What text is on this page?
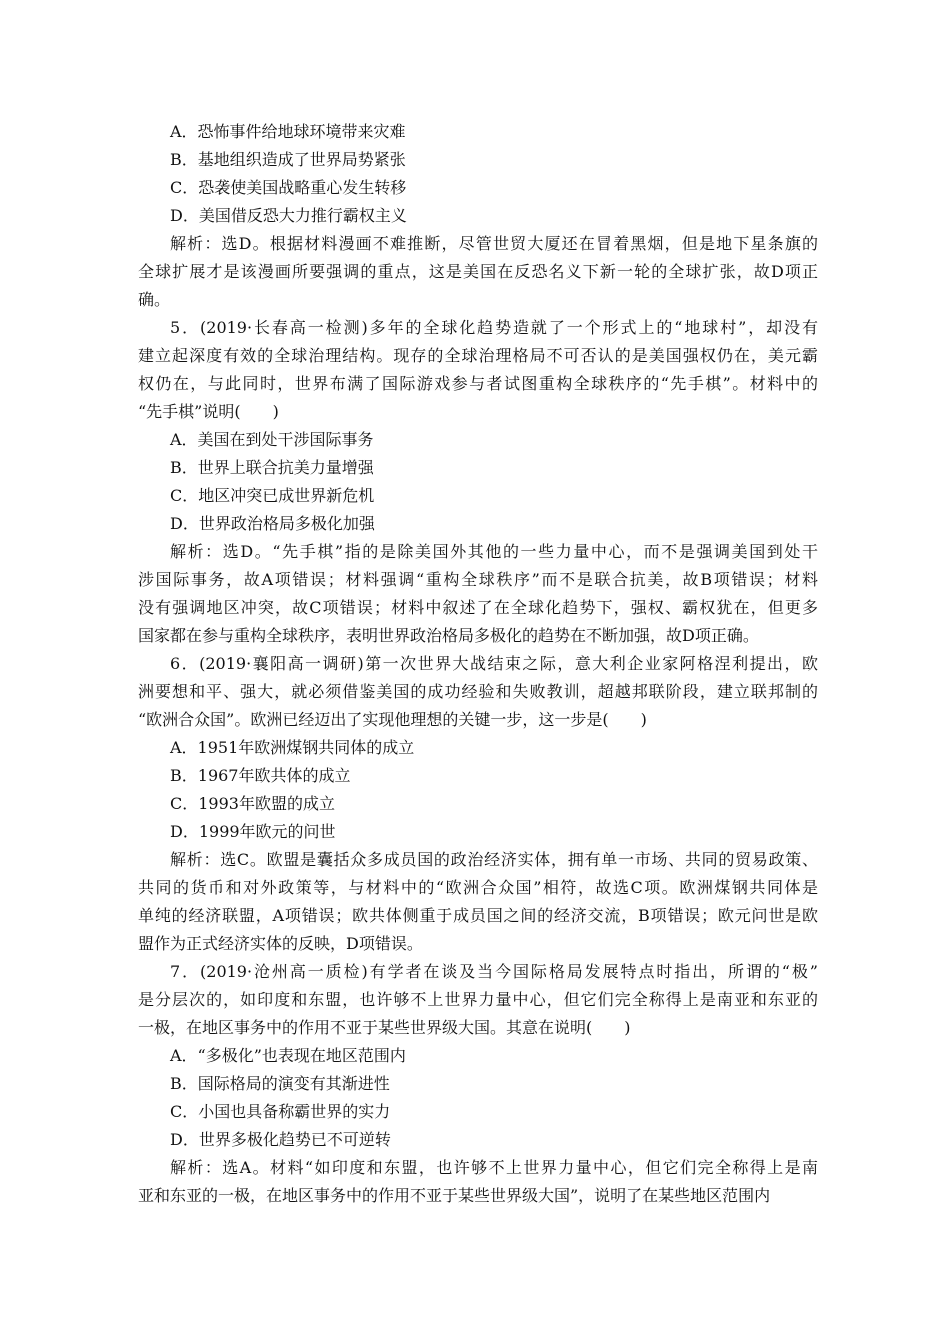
A．恐怖事件给地球环境带来灾难
B．基地组织造成了世界局势紧张
C．恐袭使美国战略重心发生转移
D．美国借反恐大力推行霸权主义
解析：选D。根据材料漫画不难推断，尽管世贸大厦还在冒着黑烟，但是地下星条旗的
全球扩展才是该漫画所要强调的重点，这是美国在反恐名义下新一轮的全球扩张，故D项正
确。
5．(2019·长春高一检测)多年的全球化趋势造就了一个形式上的“地球村”，却没有
建立起深度有效的全球治理结构。现存的全球治理格局不可否认的是美国强权仍在，美元霸
权仍在，与此同时，世界布满了国际游戏参与者试图重构全球秩序的“先手棋”。材料中的
“先手棋”说明(　　)
A．美国在到处干涉国际事务
B．世界上联合抗美力量增强
C．地区冲突已成世界新危机
D．世界政治格局多极化加强
解析：选D。“先手棋”指的是除美国外其他的一些力量中心，而不是强调美国到处干
涉国际事务，故A项错误；材料强调“重构全球秩序”而不是联合抗美，故B项错误；材料
没有强调地区冲突，故C项错误；材料中叙述了在全球化趋势下，强权、霸权犹在，但更多
国家都在参与重构全球秩序，表明世界政治格局多极化的趋势在不断加强，故D项正确。
6．(2019·襄阳高一调研)第一次世界大战结束之际，意大利企业家阿格涅利提出，欧
洲要想和平、强大，就必须借鉴美国的成功经验和失败教训，超越邦联阶段，建立联邦制的
“欧洲合众国”。欧洲已经迈出了实现他理想的关键一步，这一步是(　　)
A．1951年欧洲煤钢共同体的成立
B．1967年欧共体的成立
C．1993年欧盟的成立
D．1999年欧元的问世
解析：选C。欧盟是囊括众多成员国的政治经济实体，拥有单一市场、共同的贸易政策、
共同的货币和对外政策等，与材料中的“欧洲合众国”相符，故选C项。欧洲煤钢共同体是
单纯的经济联盟，A项错误；欧共体侧重于成员国之间的经济交流，B项错误；欧元问世是欧
盟作为正式经济实体的反映，D项错误。
7．(2019·沧州高一质检)有学者在谈及当今国际格局发展特点时指出，所谓的“极”
是分层次的，如印度和东盟，也许够不上世界力量中心，但它们完全称得上是南亚和东亚的
一极，在地区事务中的作用不亚于某些世界级大国。其意在说明(　　)
A．“多极化”也表现在地区范围内
B．国际格局的演变有其渐进性
C．小国也具备称霸世界的实力
D．世界多极化趋势已不可逆转
解析：选A。材料“如印度和东盟，也许够不上世界力量中心，但它们完全称得上是南
亚和东亚的一极，在地区事务中的作用不亚于某些世界级大国”，说明了在某些地区范围内
